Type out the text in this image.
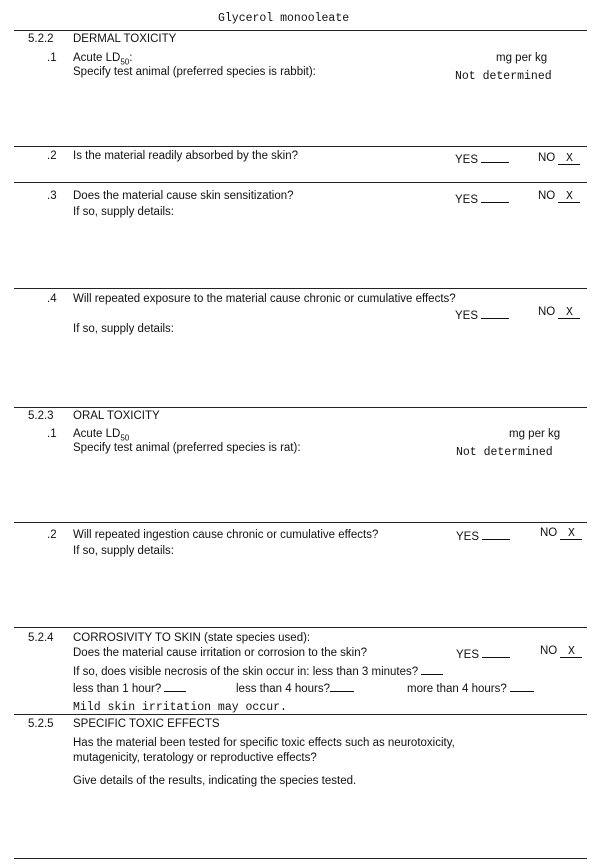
Glycerol monooleate
5.2.2 DERMAL TOXICITY
.1 Acute $LD_{50}$:	mg per kg
Specify test animal (preferred species is rabbit):	Not determined
.2 Is the material readily absorbed by the skin?	YES	NO X
.3 Does the material cause skin sensitization?	YES	NO X
If so, supply details:
.4 Will repeated exposure to the material cause chronic or cumulative effects?
YES	NO X
If so, supply details:
5.2.3 ORAL TOXICITY
.1 Acute $LD_{50}$	mg per kg
Specify test animal (preferred species is rat):	Not determined
.2 Will repeated ingestion cause chronic or cumulative effects?	YES	NO X
If so, supply details:
5.2.4 CORROSIVITY TO SKIN (state species used):
Does the material cause irritation or corrosion to the skin?	YES	NO X
If so, does visible necrosis of the skin occur in: less than 3 minutes?
less than 1 hour?	less than 4 hours?	more than 4 hours?
Mild skin irritation may occur.
5.2.5 SPECIFIC TOXIC EFFECTS
Has the material been tested for specific toxic effects such as neurotoxicity,
mutagenicity, teratology or reproductive effects?
Give details of the results, indicating the species tested.
